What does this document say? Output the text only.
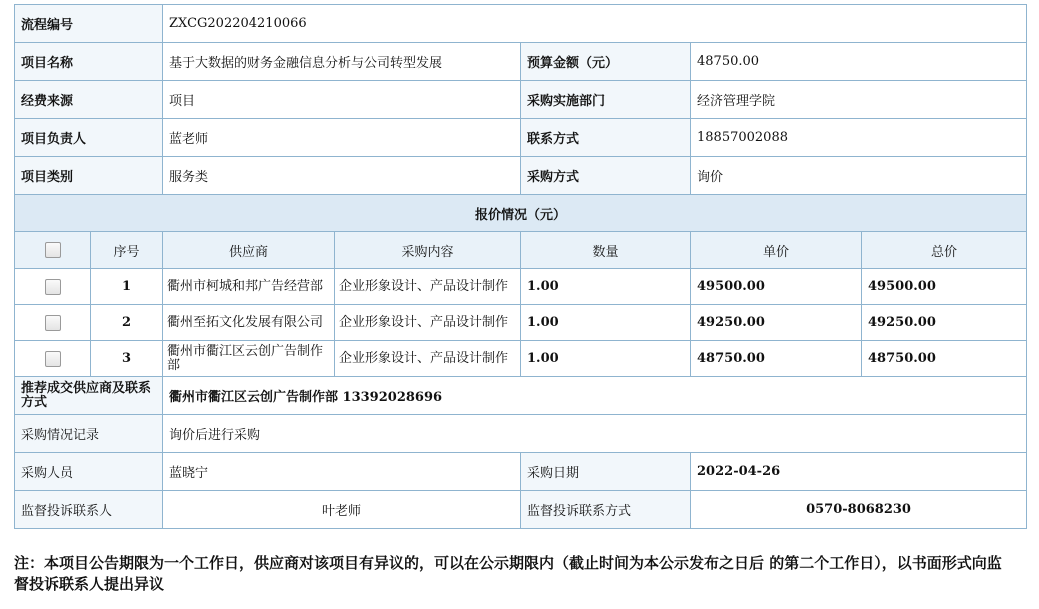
流程编号		ZXCG202204210066				
项目名称		基于大数据的财务金融信息分析与公司转型发展		预算金额（元）	48750.00	
经费来源		项目		采购实施部门	经济管理学院	
项目负责人		蓝老师		联系方式	18857002088	
项目类别		服务类		采购方式	询价	
报价情况（元）						
	序号	供应商	采购内容	数量	单价	总价
	1	衢州市柯城和邦广告经营部	企业形象设计、产品设计制作	1.00	49500.00	49500.00
	2	衢州至拓文化发展有限公司	企业形象设计、产品设计制作	1.00	49250.00	49250.00
	3	衢州市衢江区云创广告制作部	企业形象设计、产品设计制作	1.00	48750.00	48750.00
推荐成交供应商及联系方式		衢州市衢江区云创广告制作部 13392028696				
采购情况记录		询价后进行采购				
采购人员		蓝晓宁		采购日期	2022-04-26	
监督投诉联系人		叶老师		监督投诉联系方式	0570-8068230	
注：本项目公告期限为一个工作日，供应商对该项目有异议的，可以在公示期限内（截止时间为本公示发布之日后 的第二个工作日），以书面形式向监督投诉联系人提出异议
